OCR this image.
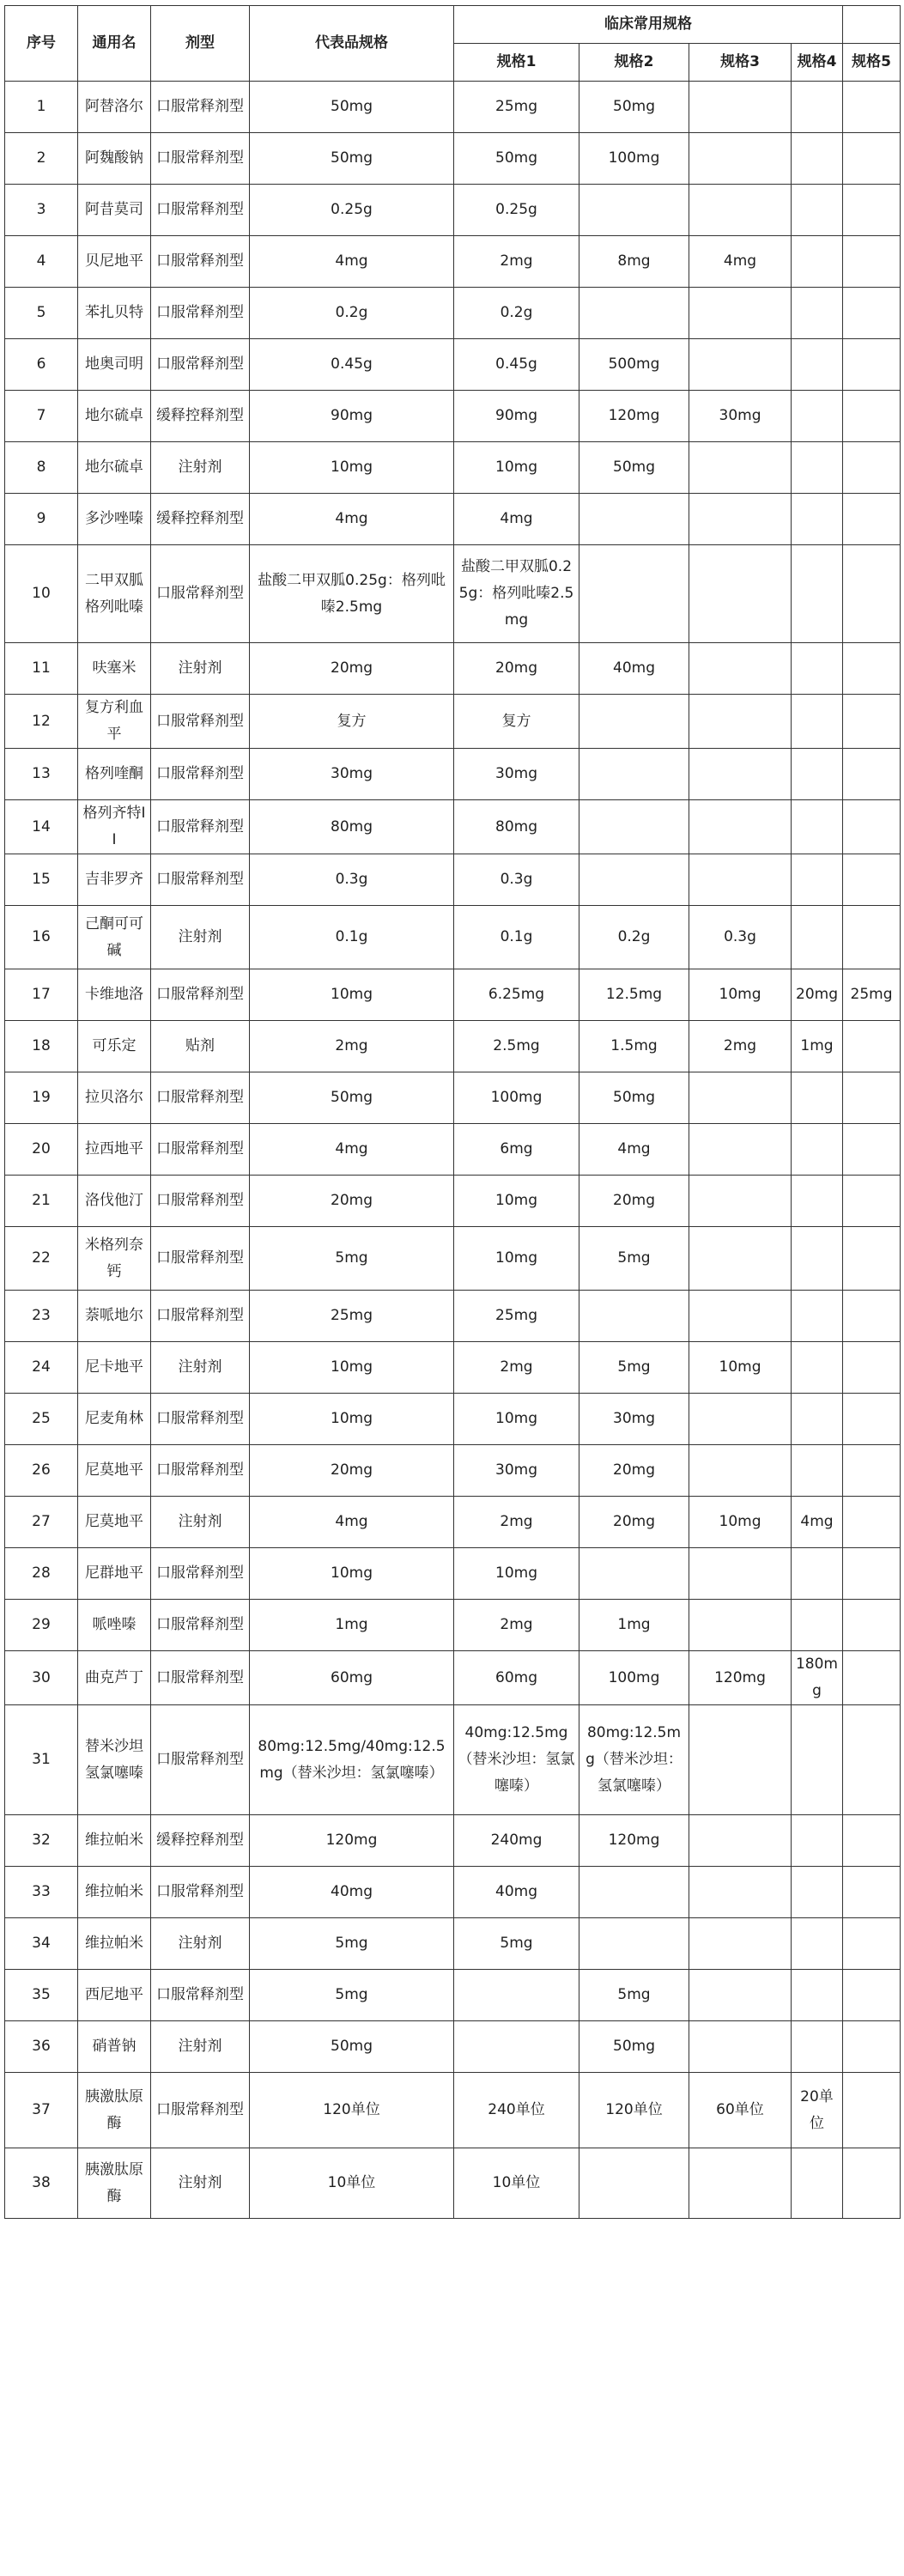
序号	通用名	剂型	代表品规格	临床常用规格				
				规格1	规格2	规格3	规格4	规格5
1	阿替洛尔	口服常释剂型	50mg	25mg	50mg			
2	阿魏酸钠	口服常释剂型	50mg	50mg	100mg			
3	阿昔莫司	口服常释剂型	0.25g	0.25g				
4	贝尼地平	口服常释剂型	4mg	2mg	8mg	4mg		
5	苯扎贝特	口服常释剂型	0.2g	0.2g				
6	地奥司明	口服常释剂型	0.45g	0.45g	500mg			
7	地尔硫卓	缓释控释剂型	90mg	90mg	120mg	30mg		
8	地尔硫卓	注射剂	10mg	10mg	50mg			
9	多沙唑嗪	缓释控释剂型	4mg	4mg				
10	二甲双胍格列吡嗪	口服常释剂型	盐酸二甲双胍0.25g：格列吡嗪2.5mg	盐酸二甲双胍0.25g：格列吡嗪2.5mg				
11	呋塞米	注射剂	20mg	20mg	40mg			
12	复方利血平	口服常释剂型	复方	复方				
13	格列喹酮	口服常释剂型	30mg	30mg				
14	格列齐特II	口服常释剂型	80mg	80mg				
15	吉非罗齐	口服常释剂型	0.3g	0.3g				
16	己酮可可碱	注射剂	0.1g	0.1g	0.2g	0.3g		
17	卡维地洛	口服常释剂型	10mg	6.25mg	12.5mg	10mg	20mg	25mg
18	可乐定	贴剂	2mg	2.5mg	1.5mg	2mg	1mg	
19	拉贝洛尔	口服常释剂型	50mg	100mg	50mg			
20	拉西地平	口服常释剂型	4mg	6mg	4mg			
21	洛伐他汀	口服常释剂型	20mg	10mg	20mg			
22	米格列奈钙	口服常释剂型	5mg	10mg	5mg			
23	萘哌地尔	口服常释剂型	25mg	25mg				
24	尼卡地平	注射剂	10mg	2mg	5mg	10mg		
25	尼麦角林	口服常释剂型	10mg	10mg	30mg			
26	尼莫地平	口服常释剂型	20mg	30mg	20mg			
27	尼莫地平	注射剂	4mg	2mg	20mg	10mg	4mg	
28	尼群地平	口服常释剂型	10mg	10mg				
29	哌唑嗪	口服常释剂型	1mg	2mg	1mg			
30	曲克芦丁	口服常释剂型	60mg	60mg	100mg	120mg	180mg	
31	替米沙坦氢氯噻嗪	口服常释剂型	80mg:12.5mg/40mg:12.5mg（替米沙坦：氢氯噻嗪）	40mg:12.5mg（替米沙坦：氢氯噻嗪）	80mg:12.5mg（替米沙坦：氢氯噻嗪）			
32	维拉帕米	缓释控释剂型	120mg	240mg	120mg			
33	维拉帕米	口服常释剂型	40mg	40mg				
34	维拉帕米	注射剂	5mg	5mg				
35	西尼地平	口服常释剂型	5mg		5mg			
36	硝普钠	注射剂	50mg		50mg			
37	胰激肽原酶	口服常释剂型	120单位	240单位	120单位	60单位	20单位	
38	胰激肽原酶	注射剂	10单位	10单位				
